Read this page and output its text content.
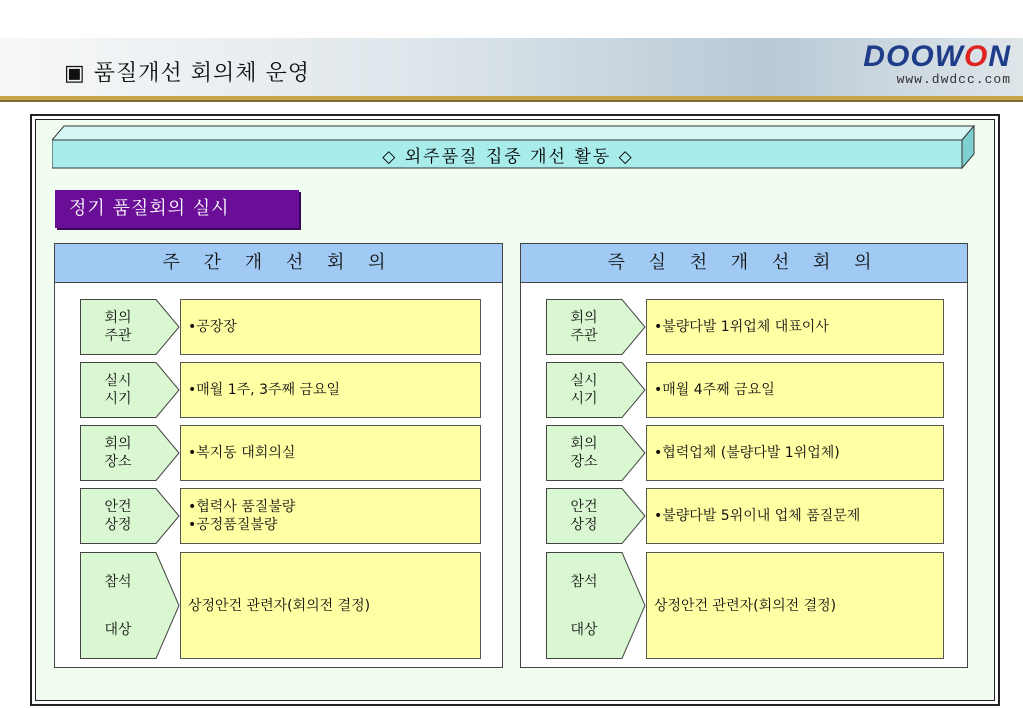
▣ 품질개선 회의체 운영
DOOWON
www.dwdcc.com
◇ 외주품질 집중 개선 활동 ◇
정기 품질회의 실시
주 간 개 선 회 의
회의
주관
•공장장
실시
시기
•매월 1주, 3주째 금요일
회의
장소
•복지동 대회의실
안건
상정
•협력사 품질불량
•공정품질불량
참석
대상
상정안건 관련자(회의전 결정)
즉 실 천 개 선 회 의
회의
주관
•불량다발 1위업체 대표이사
실시
시기
•매월 4주째 금요일
회의
장소
•협력업체 (불량다발 1위업체)
안건
상정
•불량다발 5위이내 업체 품질문제
참석
대상
상정안건 관련자(회의전 결정)
